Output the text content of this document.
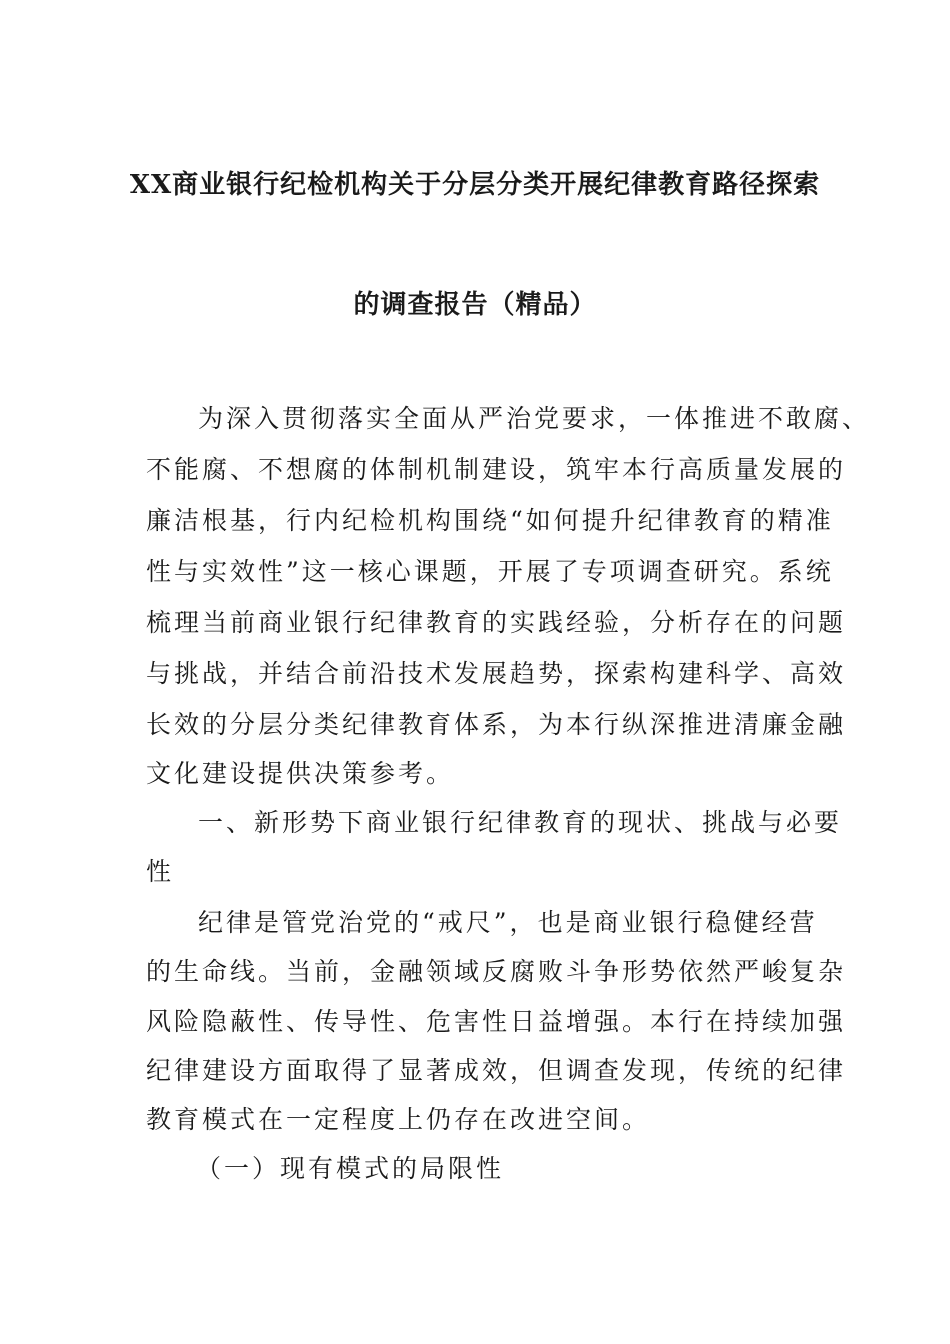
XX商业银行纪检机构关于分层分类开展纪律教育路径探索
的调查报告（精品）
为深入贯彻落实全面从严治党要求，一体推进不敢腐、
不能腐、不想腐的体制机制建设，筑牢本行高质量发展的
廉洁根基，行内纪检机构围绕“如何提升纪律教育的精准
性与实效性”这一核心课题，开展了专项调查研究。系统
梳理当前商业银行纪律教育的实践经验，分析存在的问题
与挑战，并结合前沿技术发展趋势，探索构建科学、高效
长效的分层分类纪律教育体系，为本行纵深推进清廉金融
文化建设提供决策参考。
一、新形势下商业银行纪律教育的现状、挑战与必要
性
纪律是管党治党的“戒尺”，也是商业银行稳健经营
的生命线。当前，金融领域反腐败斗争形势依然严峻复杂
风险隐蔽性、传导性、危害性日益增强。本行在持续加强
纪律建设方面取得了显著成效，但调查发现，传统的纪律
教育模式在一定程度上仍存在改进空间。
（一）现有模式的局限性
